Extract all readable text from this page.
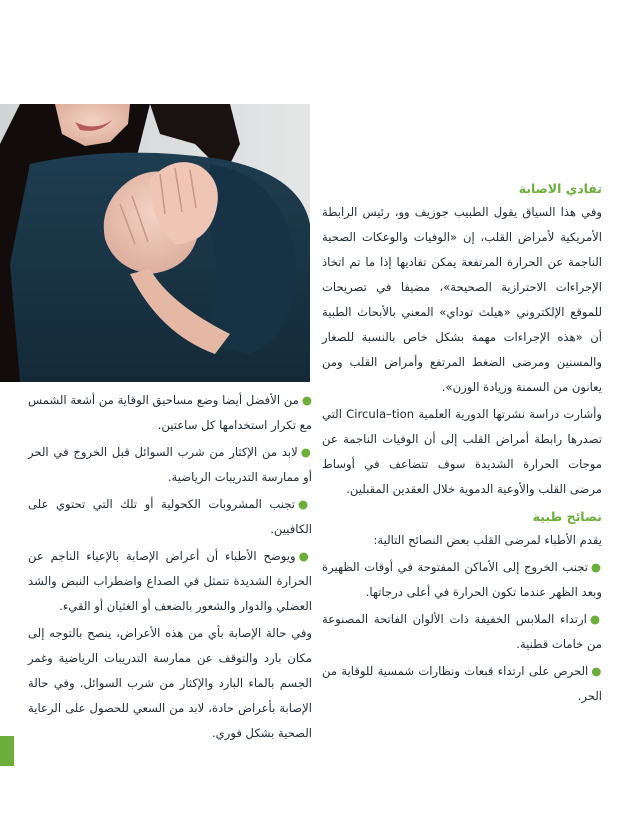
تفادي الاصابة

وفي هذا السياق يقول الطبيب جوزيف وو، رئيس الرابطة الأمريكية لأمراض القلب، إن «الوفيات والوعكات الصحية الناجمة عن الحرارة المرتفعة يمكن تفاديها إذا ما تم اتخاذ الإجراءات الاحترازية الصحيحة»، مضيفا في تصريحات للموقع الإلكتروني «هيلث توداي» المعني بالأبحاث الطبية أن «هذه الإجراءات مهمة بشكل خاص بالنسبة للصغار والمسنين ومرضى الضغط المرتفع وأمراض القلب ومن يعانون من السمنة وزيادة الوزن».

وأشارت دراسة نشرتها الدورية العلمية Circula–tion التي تصدرها رابطة أمراض القلب إلى أن الوفيات الناجمة عن موجات الحرارة الشديدة سوف تتضاعف في أوساط مرضى القلب والأوعية الدموية خلال العقدين المقبلين.

نصائح طبية

يقدم الأطباء لمرضى القلب بعض النصائح التالية:

●تجنب الخروج إلى الأماكن المفتوحة في أوقات الظهيرة وبعد الظهر عندما تكون الحرارة في أعلى درجاتها.

●ارتداء الملابس الخفيفة ذات الألوان الفاتحة المصنوعة من خامات قطنية.

●الحرص على ارتداء قبعات ونظارات شمسية للوقاية من الحر.

●من الأفضل أيضا وضع مساحيق الوقاية من أشعة الشمس مع تكرار استخدامها كل ساعتين.

●لابد من الإكثار من شرب السوائل قبل الخروج في الحر أو ممارسة التدريبات الرياضية.

●تجنب المشروبات الكحولية أو تلك التي تحتوي على الكافيين.

●ويوضح الأطباء أن أعراض الإصابة بالإعياء الناجم عن الحرارة الشديدة تتمثل في الصداع واضطراب النبض والشد العضلي والدوار والشعور بالضعف أو الغثيان أو القيء.

وفي حالة الإصابة بأي من هذه الأعراض، ينصح بالتوجه إلى مكان بارد والتوقف عن ممارسة التدريبات الرياضية وغمر الجسم بالماء البارد والإكثار من شرب السوائل. وفي حالة الإصابة بأعراض حادة، لابد من السعي للحصول على الرعاية الصحية بشكل فوري.
